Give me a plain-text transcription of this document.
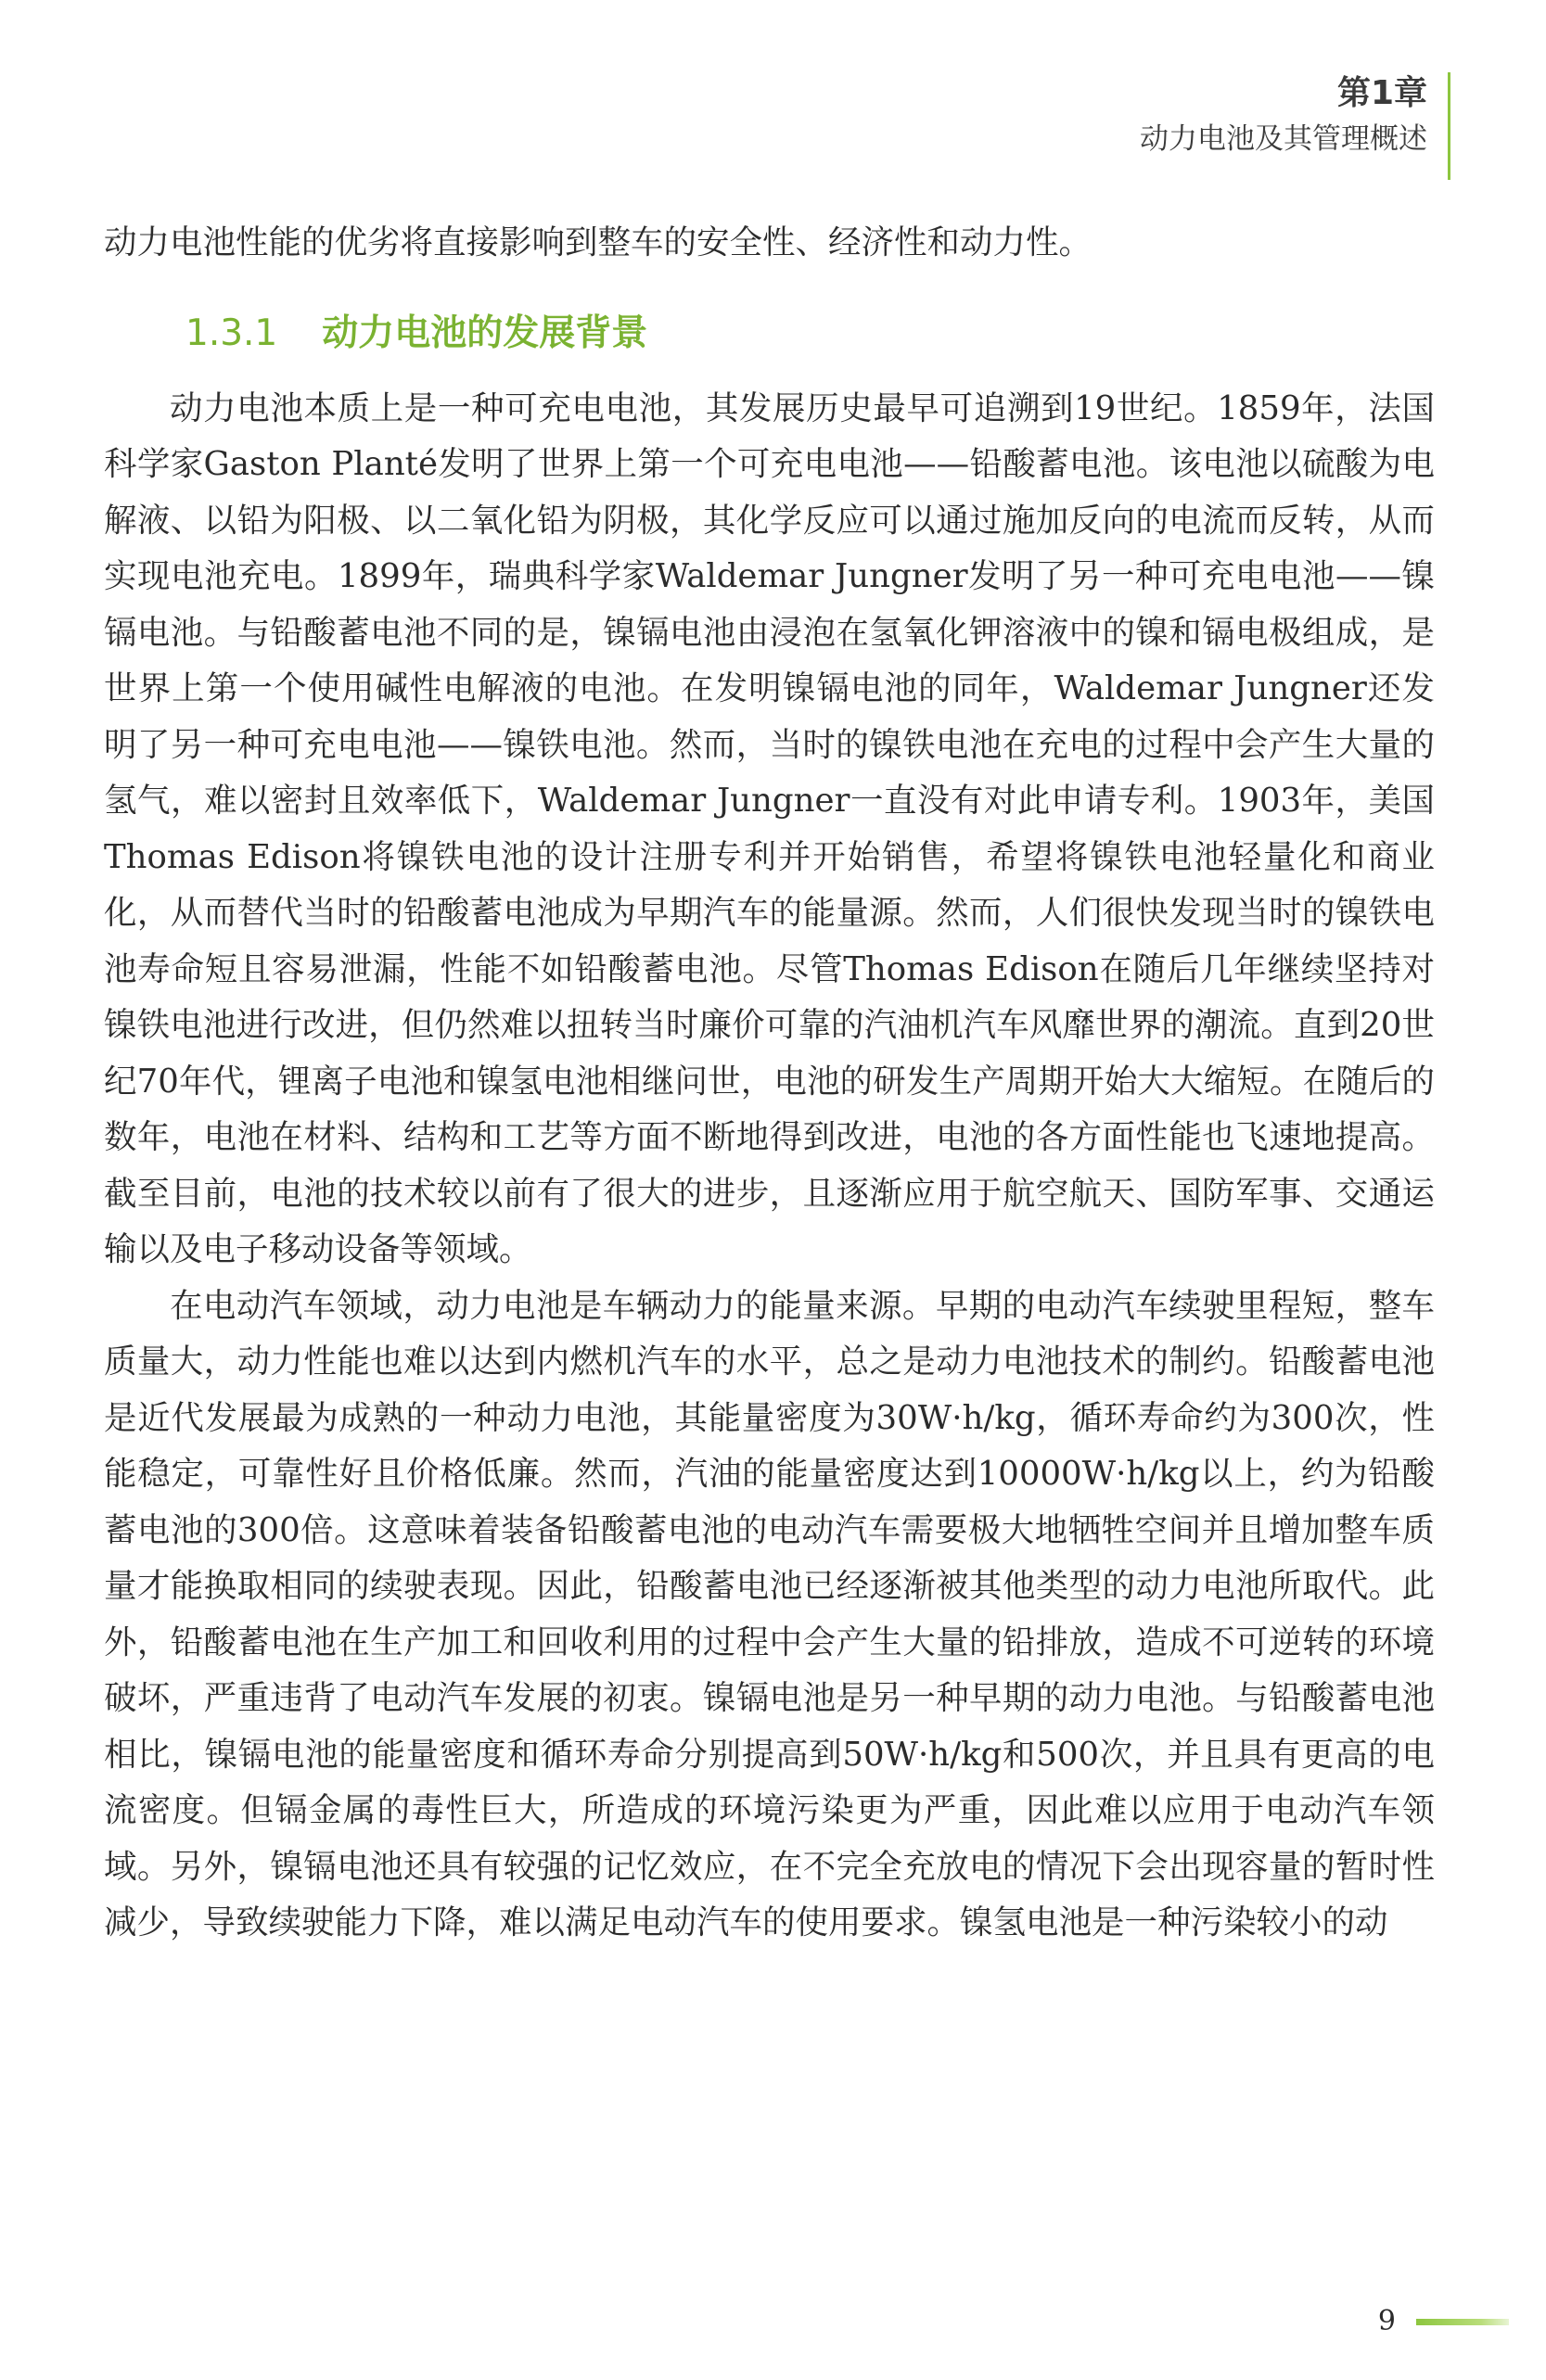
第1章
动力电池及其管理概述

动力电池性能的优劣将直接影响到整车的安全性、经济性和动力性。

1.3.1 动力电池的发展背景

动力电池本质上是一种可充电电池，其发展历史最早可追溯到19世纪。1859年，法国科学家Gaston Planté发明了世界上第一个可充电电池——铅酸蓄电池。该电池以硫酸为电解液、以铅为阳极、以二氧化铅为阴极，其化学反应可以通过施加反向的电流而反转，从而实现电池充电。1899年，瑞典科学家Waldemar Jungner发明了另一种可充电电池——镍镉电池。与铅酸蓄电池不同的是，镍镉电池由浸泡在氢氧化钾溶液中的镍和镉电极组成，是世界上第一个使用碱性电解液的电池。在发明镍镉电池的同年，Waldemar Jungner还发明了另一种可充电电池——镍铁电池。然而，当时的镍铁电池在充电的过程中会产生大量的氢气，难以密封且效率低下，Waldemar Jungner一直没有对此申请专利。1903年，美国Thomas Edison将镍铁电池的设计注册专利并开始销售，希望将镍铁电池轻量化和商业化，从而替代当时的铅酸蓄电池成为早期汽车的能量源。然而，人们很快发现当时的镍铁电池寿命短且容易泄漏，性能不如铅酸蓄电池。尽管Thomas Edison在随后几年继续坚持对镍铁电池进行改进，但仍然难以扭转当时廉价可靠的汽油机汽车风靡世界的潮流。直到20世纪70年代，锂离子电池和镍氢电池相继问世，电池的研发生产周期开始大大缩短。在随后的数年，电池在材料、结构和工艺等方面不断地得到改进，电池的各方面性能也飞速地提高。截至目前，电池的技术较以前有了很大的进步，且逐渐应用于航空航天、国防军事、交通运输以及电子移动设备等领域。

在电动汽车领域，动力电池是车辆动力的能量来源。早期的电动汽车续驶里程短，整车质量大，动力性能也难以达到内燃机汽车的水平，总之是动力电池技术的制约。铅酸蓄电池是近代发展最为成熟的一种动力电池，其能量密度为30W·h/kg，循环寿命约为300次，性能稳定，可靠性好且价格低廉。然而，汽油的能量密度达到10000W·h/kg以上，约为铅酸蓄电池的300倍。这意味着装备铅酸蓄电池的电动汽车需要极大地牺牲空间并且增加整车质量才能换取相同的续驶表现。因此，铅酸蓄电池已经逐渐被其他类型的动力电池所取代。此外，铅酸蓄电池在生产加工和回收利用的过程中会产生大量的铅排放，造成不可逆转的环境破坏，严重违背了电动汽车发展的初衷。镍镉电池是另一种早期的动力电池。与铅酸蓄电池相比，镍镉电池的能量密度和循环寿命分别提高到50W·h/kg和500次，并且具有更高的电流密度。但镉金属的毒性巨大，所造成的环境污染更为严重，因此难以应用于电动汽车领域。另外，镍镉电池还具有较强的记忆效应，在不完全充放电的情况下会出现容量的暂时性减少，导致续驶能力下降，难以满足电动汽车的使用要求。镍氢电池是一种污染较小的动

9
